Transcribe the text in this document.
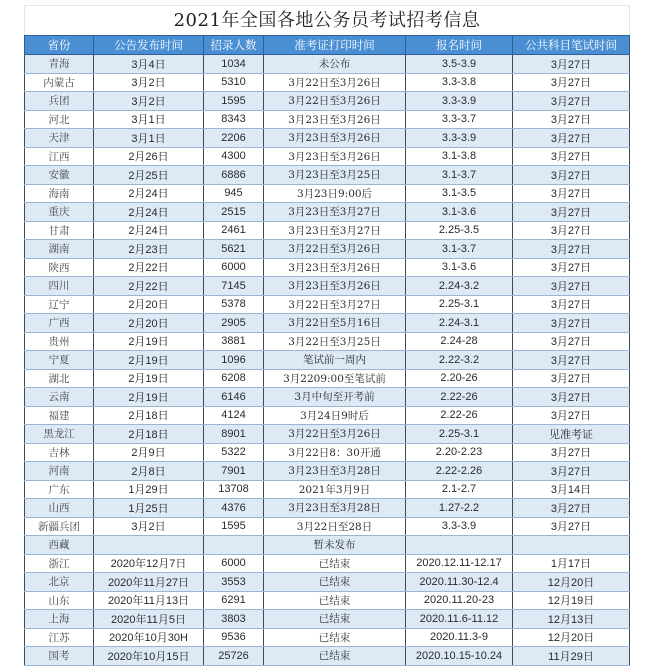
2021年全国各地公务员考试招考信息
省份	公告发布时间	招录人数	准考证打印时间	报名时间	公共科目笔试时间
青海	3月4日	1034	未公布	3.5-3.9	3月27日
内蒙古	3月2日	5310	3月22日至3月26日	3.3-3.8	3月27日
兵团	3月2日	1595	3月22日至3月26日	3.3-3.9	3月27日
河北	3月1日	8343	3月23日至3月26日	3.3-3.7	3月27日
天津	3月1日	2206	3月23日至3月26日	3.3-3.9	3月27日
江西	2月26日	4300	3月23日至3月26日	3.1-3.8	3月27日
安徽	2月25日	6886	3月23日至3月25日	3.1-3.7	3月27日
海南	2月24日	945	3月23日9:00后	3.1-3.5	3月27日
重庆	2月24日	2515	3月23日至3月27日	3.1-3.6	3月27日
甘肃	2月24日	2461	3月23日至3月27日	2.25-3.5	3月27日
湖南	2月23日	5621	3月22日至3月26日	3.1-3.7	3月27日
陕西	2月22日	6000	3月23日至3月26日	3.1-3.6	3月27日
四川	2月22日	7145	3月23日至3月26日	2.24-3.2	3月27日
辽宁	2月20日	5378	3月22日至3月27日	2.25-3.1	3月27日
广西	2月20日	2905	3月22日至5月16日	2.24-3.1	3月27日
贵州	2月19日	3881	3月22日至3月25日	2.24-28	3月27日
宁夏	2月19日	1096	笔试前一周内	2.22-3.2	3月27日
湖北	2月19日	6208	3月2209:00至笔试前	2.20-26	3月27日
云南	2月19日	6146	3月中旬至开考前	2.22-26	3月27日
福建	2月18日	4124	3月24日9时后	2.22-26	3月27日
黑龙江	2月18日	8901	3月22日至3月26日	2.25-3.1	见准考证
吉林	2月9日	5322	3月22日8：30开通	2.20-2.23	3月27日
河南	2月8日	7901	3月23日至3月28日	2.22-2.26	3月27日
广东	1月29日	13708	2021年3月9日	2.1-2.7	3月14日
山西	1月25日	4376	3月23日至3月28日	1.27-2.2	3月27日
新疆兵团	3月2日	1595	3月22日至28日	3.3-3.9	3月27日
西藏			暂未发布		
浙江	2020年12月7日	6000	已结束	2020.12.11-12.17	1月17日
北京	2020年11月27日	3553	已结束	2020.11.30-12.4	12月20日
山东	2020年11月13日	6291	已结束	2020.11.20-23	12月19日
上海	2020年11月5日	3803	已结束	2020.11.6-11.12	12月13日
江苏	2020年10月30H	9536	已结束	2020.11.3-9	12月20日
国考	2020年10月15日	25726	已结束	2020.10.15-10.24	11月29日
